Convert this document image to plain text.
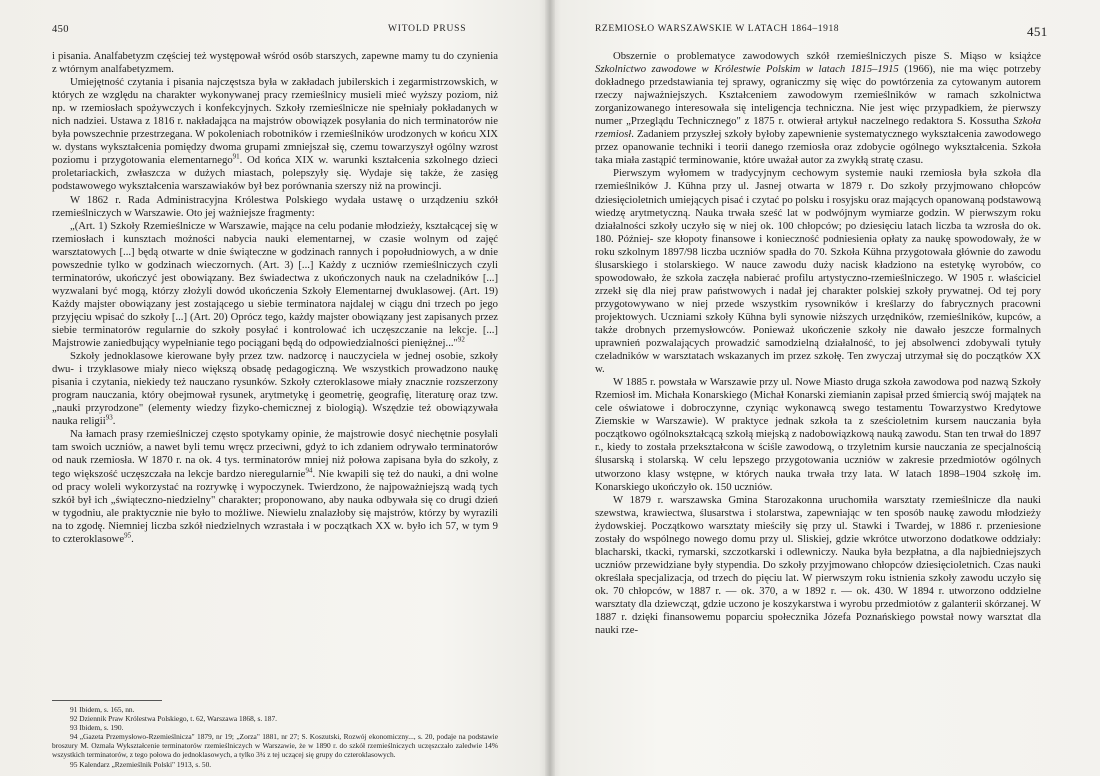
450	WITOLD PRUSS

i pisania. Analfabetyzm częściej też występował wśród osób starszych, zapewne mamy tu do czynienia z wtórnym analfabetyzmem.

Umiejętność czytania i pisania najczęstsza była w zakładach jubilerskich i zegarmistrzowskich, w których ze względu na charakter wykonywanej pracy rzemieślnicy musieli mieć wyższy poziom, niż np. w rzemiosłach spożywczych i konfekcyjnych. Szkoły rzemieślnicze nie spełniały pokładanych w nich nadziei. Ustawa z 1816 r. nakładająca na majstrów obowiązek posyłania do nich terminatorów nie była powszechnie przestrzegana. W pokoleniach robotników i rzemieślników urodzonych w końcu XIX w. dystans wykształcenia pomiędzy dwoma grupami zmniejszał się, czemu towarzyszył ogólny wzrost poziomu i przygotowania elementarnego$^{91}$. Od końca XIX w. warunki kształcenia szkolnego dzieci proletariackich, zwłaszcza w dużych miastach, polepszyły się. Wydaje się także, że zasięg podstawowego wykształcenia warszawiaków był bez porównania szerszy niż na prowincji.

W 1862 r. Rada Administracyjna Królestwa Polskiego wydała ustawę o urządzeniu szkół rzemieślniczych w Warszawie. Oto jej ważniejsze fragmenty:

„(Art. 1) Szkoły Rzemieślnicze w Warszawie, mające na celu podanie młodzieży, kształcącej się w rzemiosłach i kunsztach możności nabycia nauki elementarnej, w czasie wolnym od zajęć warsztatowych [...] będą otwarte w dnie świąteczne w godzinach rannych i popołudniowych, a w dnie powszednie tylko w godzinach wieczornych. (Art. 3) [...] Każdy z uczniów rzemieślniczych czyli terminatorów, ukończyć jest obowiązany. Bez świadectwa z ukończonych nauk na czeladników [...] wyzwalani być mogą, którzy złożyli dowód ukończenia Szkoły Elementarnej dwuklasowej. (Art. 19) Każdy majster obowiązany jest zostającego u siebie terminatora najdalej w ciągu dni trzech po jego przyjęciu wpisać do szkoły [...] (Art. 20) Oprócz tego, każdy majster obowiązany jest zapisanych przez siebie terminatorów regularnie do szkoły posyłać i kontrolować ich uczęszczanie na lekcje. [...] Majstrowie zaniedbujący wypełnianie tego pociągani będą do odpowiedzialności pieniężnej..."$^{92}$

Szkoły jednoklasowe kierowane były przez tzw. nadzorcę i nauczyciela w jednej osobie, szkoły dwu- i trzyklasowe miały nieco większą obsadę pedagogiczną. We wszystkich prowadzono naukę pisania i czytania, niekiedy też nauczano rysunków. Szkoły czteroklasowe miały znacznie rozszerzony program nauczania, który obejmował rysunek, arytmetykę i geometrię, geografię, literaturę oraz tzw. „nauki przyrodzone" (elementy wiedzy fizyko-chemicznej z biologią). Wszędzie też obowiązywała nauka religii$^{93}$.

Na łamach prasy rzemieślniczej często spotykamy opinie, że majstrowie dosyć niechętnie posyłali tam swoich uczniów, a nawet byli temu wręcz przeciwni, gdyż to ich zdaniem odrywało terminatorów od nauk rzemiosła. W 1870 r. na ok. 4 tys. terminatorów mniej niż połowa zapisana była do szkoły, z tego większość uczęszczała na lekcje bardzo nieregularnie$^{94}$. Nie kwapili się też do nauki, a dni wolne od pracy woleli wykorzystać na rozrywkę i wypoczynek. Twierdzono, że najpoważniejszą wadą tych szkół był ich „świąteczno-niedzielny" charakter; proponowano, aby nauka odbywała się co drugi dzień w tygodniu, ale praktycznie nie było to możliwe. Niewielu znalazłoby się majstrów, którzy by wyrazili na to zgodę. Niemniej liczba szkół niedzielnych wzrastała i w początkach XX w. było ich 57, w tym 9 to czteroklasowe$^{95}$.

91 Ibidem, s. 165, nn.

92 Dziennik Praw Królestwa Polskiego, t. 62, Warszawa 1868, s. 187.

93 Ibidem, s. 190.

94 „Gazeta Przemysłowo-Rzemieślnicza" 1879, nr 19; „Zorza" 1881, nr 27; S. Koszutski, Rozwój ekonomiczny..., s. 20, podaje na podstawie broszury M. Ozmala Wykształcenie terminatorów rzemieślniczych w Warszawie, że w 1890 r. do szkół rzemieślniczych uczęszczało zaledwie 14% wszystkich terminatorów, z tego połowa do jednoklasowych, a tylko 3¾ z tej uczącej się grupy do czteroklasowych.

95 Kalendarz „Rzemieślnik Polski" 1913, s. 50.

RZEMIOSŁO WARSZAWSKIE W LATACH 1864–1918	451

Obszernie o problematyce zawodowych szkół rzemieślniczych pisze S. Miąso w książce Szkolnictwo zawodowe w Królestwie Polskim w latach 1815–1915 (1966), nie ma więc potrzeby dokładnego przedstawiania tej sprawy, ograniczmy się więc do powtórzenia za cytowanym autorem rzeczy najważniejszych. Kształceniem zawodowym rzemieślników w ramach szkolnictwa zorganizowanego interesowała się inteligencja techniczna. Nie jest więc przypadkiem, że pierwszy numer „Przeglądu Technicznego" z 1875 r. otwierał artykuł naczelnego redaktora S. Kossutha Szkoła rzemiosł. Zadaniem przyszłej szkoły byłoby zapewnienie systematycznego wykształcenia zawodowego przez opanowanie techniki i teorii danego rzemiosła oraz zdobycie ogólnego wykształcenia. Szkoła taka miała zastąpić terminowanie, które uważał autor za zwykłą stratę czasu.

Pierwszym wyłomem w tradycyjnym cechowym systemie nauki rzemiosła była szkoła dla rzemieślników J. Kühna przy ul. Jasnej otwarta w 1879 r. Do szkoły przyjmowano chłopców dziesięcioletnich umiejących pisać i czytać po polsku i rosyjsku oraz mających opanowaną podstawową wiedzę arytmetyczną. Nauka trwała sześć lat w podwójnym wymiarze godzin. W pierwszym roku działalności szkoły uczyło się w niej ok. 100 chłopców; po dziesięciu latach liczba ta wzrosła do ok. 180. Później- sze kłopoty finansowe i konieczność podniesienia opłaty za naukę spowodowały, że w roku szkolnym 1897/98 liczba uczniów spadła do 70. Szkoła Kühna przygotowała głównie do zawodu ślusarskiego i stolarskiego. W nauce zawodu duży nacisk kładziono na estetykę wyrobów, co spowodowało, że szkoła zaczęła nabierać profilu artystyczno-rzemieślniczego. W 1905 r. właściciel zrzekł się dla niej praw państwowych i nadał jej charakter polskiej szkoły prywatnej. Od tej pory przygotowywano w niej przede wszystkim rysowników i kreślarzy do fabrycznych pracowni projektowych. Uczniami szkoły Kühna byli synowie niższych urzędników, rzemieślników, kupców, a także drobnych przemysłowców. Ponieważ ukończenie szkoły nie dawało jeszcze formalnych uprawnień pozwalających prowadzić samodzielną działalność, to jej absolwenci zdobywali tytuły czeladników w warsztatach wskazanych im przez szkołę. Ten zwyczaj utrzymał się do początków XX w.

W 1885 r. powstała w Warszawie przy ul. Nowe Miasto druga szkoła zawodowa pod nazwą Szkoły Rzemiosł im. Michała Konarskiego (Michał Konarski ziemianin zapisał przed śmiercią swój majątek na cele oświatowe i dobroczynne, czyniąc wykonawcą swego testamentu Towarzystwo Kredytowe Ziemskie w Warszawie). W praktyce jednak szkoła ta z sześcioletnim kursem nauczania była początkowo ogólnokształcącą szkołą miejską z nadobowiązkową nauką zawodu. Stan ten trwał do 1897 r., kiedy to została przekształcona w ściśle zawodową, o trzyletnim kursie nauczania ze specjalnością ślusarską i stolarską. W celu lepszego przygotowania uczniów w zakresie przedmiotów ogólnych utworzono klasy wstępne, w których nauka trwała trzy lata. W latach 1898–1904 szkołę im. Konarskiego ukończyło ok. 150 uczniów.

W 1879 r. warszawska Gmina Starozakonna uruchomiła warsztaty rzemieślnicze dla nauki szewstwa, krawiectwa, ślusarstwa i stolarstwa, zapewniając w ten sposób naukę zawodu młodzieży żydowskiej. Początkowo warsztaty mieściły się przy ul. Stawki i Twardej, w 1886 r. przeniesione zostały do wspólnego nowego domu przy ul. Sliskiej, gdzie wkrótce utworzono dodatkowe oddziały: blacharski, tkacki, rymarski, szczotkarski i odlewniczy. Nauka była bezpłatna, a dla najbiedniejszych uczniów przewidziane były stypendia. Do szkoły przyjmowano chłopców dziesięcioletnich. Czas nauki określała specjalizacja, od trzech do pięciu lat. W pierwszym roku istnienia szkoły zawodu uczyło się ok. 70 chłopców, w 1887 r. — ok. 370, a w 1892 r. — ok. 430. W 1894 r. utworzono oddzielne warsztaty dla dziewcząt, gdzie uczono je koszykarstwa i wyrobu przedmiotów z galanterii skórzanej. W 1887 r. dzięki finansowemu poparciu społecznika Józefa Poznańskiego powstał nowy warsztat dla nauki rze-
